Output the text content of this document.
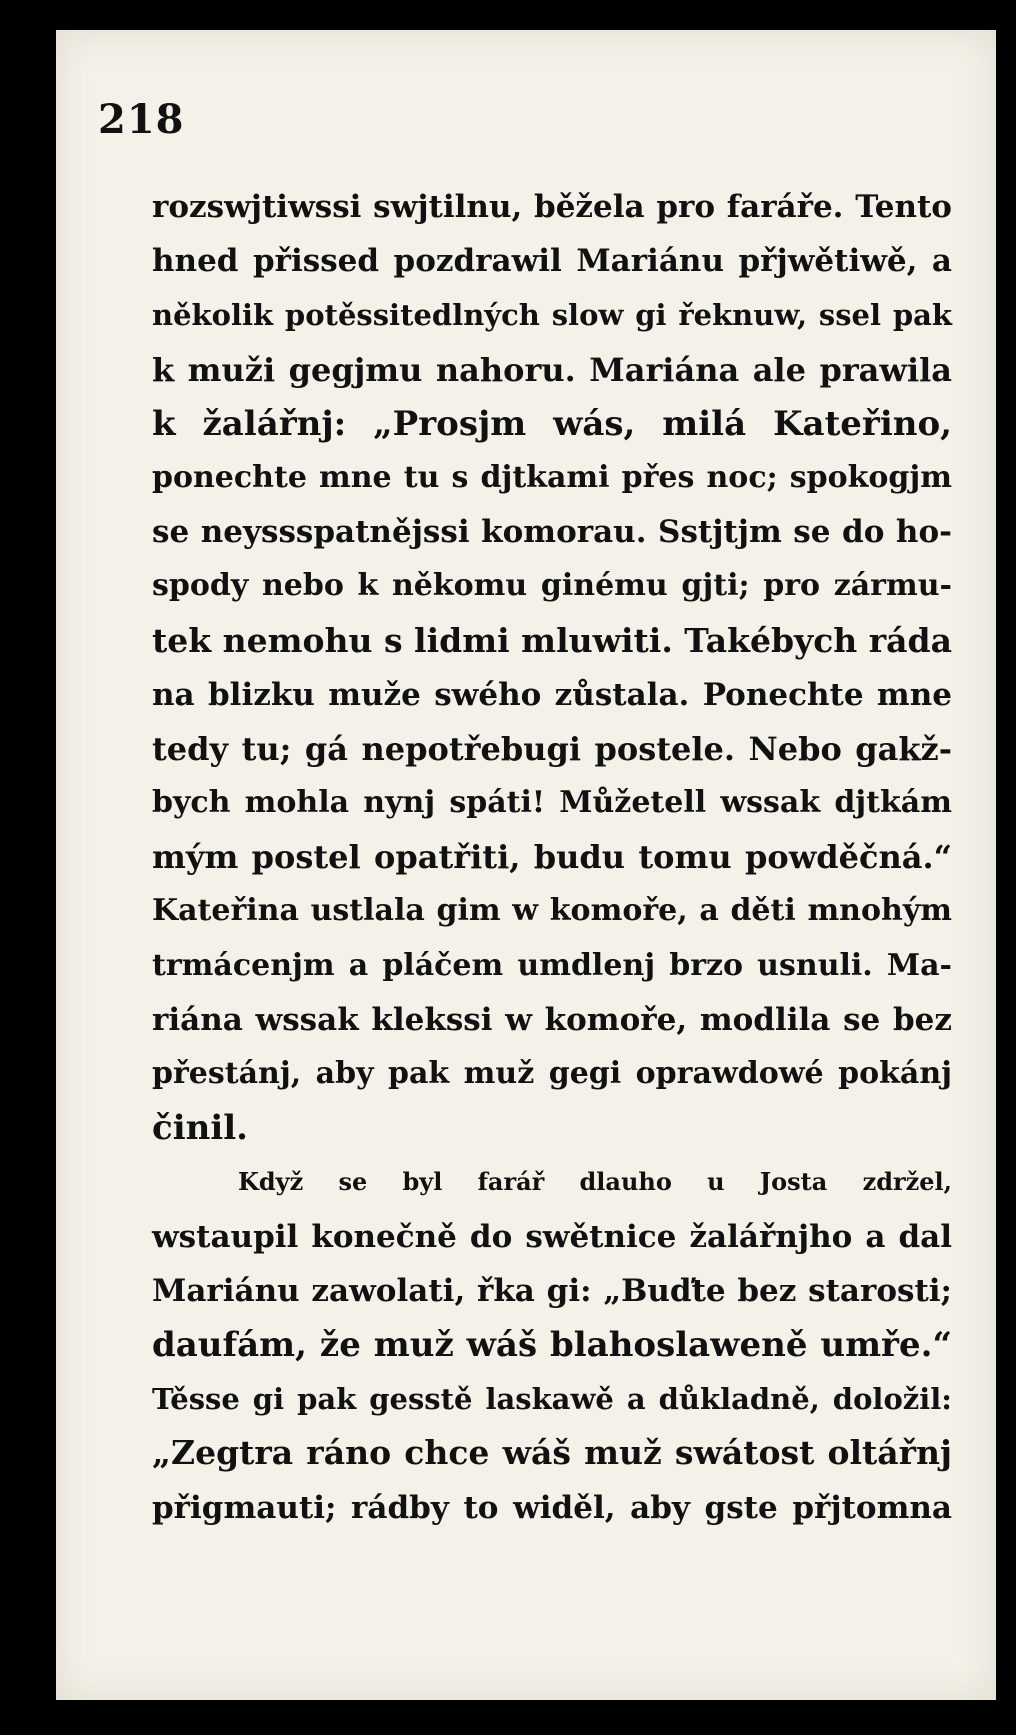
218
rozswjtiwssi swjtilnu, běžela pro faráře. Tento
hned přissed pozdrawil Mariánu přjwětiwě, a
několik potěssitedlných slow gi řeknuw, ssel pak
k muži gegjmu nahoru. Mariána ale prawila
k žalářnj: „Prosjm wás, milá Kateřino,
ponechte mne tu s djtkami přes noc; spokogjm
se neyssspatnějssi komorau. Sstjtjm se do ho-
spody nebo k někomu ginému gjti; pro zármu-
tek nemohu s lidmi mluwiti. Takébych ráda
na blizku muže swého zůstala. Ponechte mne
tedy tu; gá nepotřebugi postele. Nebo gakž-
bych mohla nynj spáti! Můžetell wssak djtkám
mým postel opatřiti, budu tomu powděčná.“
Kateřina ustlala gim w komoře, a děti mnohým
trmácenjm a pláčem umdlenj brzo usnuli. Ma-
riána wssak klekssi w komoře, modlila se bez
přestánj, aby pak muž gegi oprawdowé pokánj
činil.
Když se byl farář dlauho u Josta zdržel,
wstaupil konečně do swětnice žalářnjho a dal
Mariánu zawolati, řka gi: „Buďte bez starosti;
daufám, že muž wáš blahoslaweně umře.“
Těsse gi pak gesstě laskawě a důkladně, doložil:
„Zegtra ráno chce wáš muž swátost oltářnj
přigmauti; rádby to widěl, aby gste přjtomna
